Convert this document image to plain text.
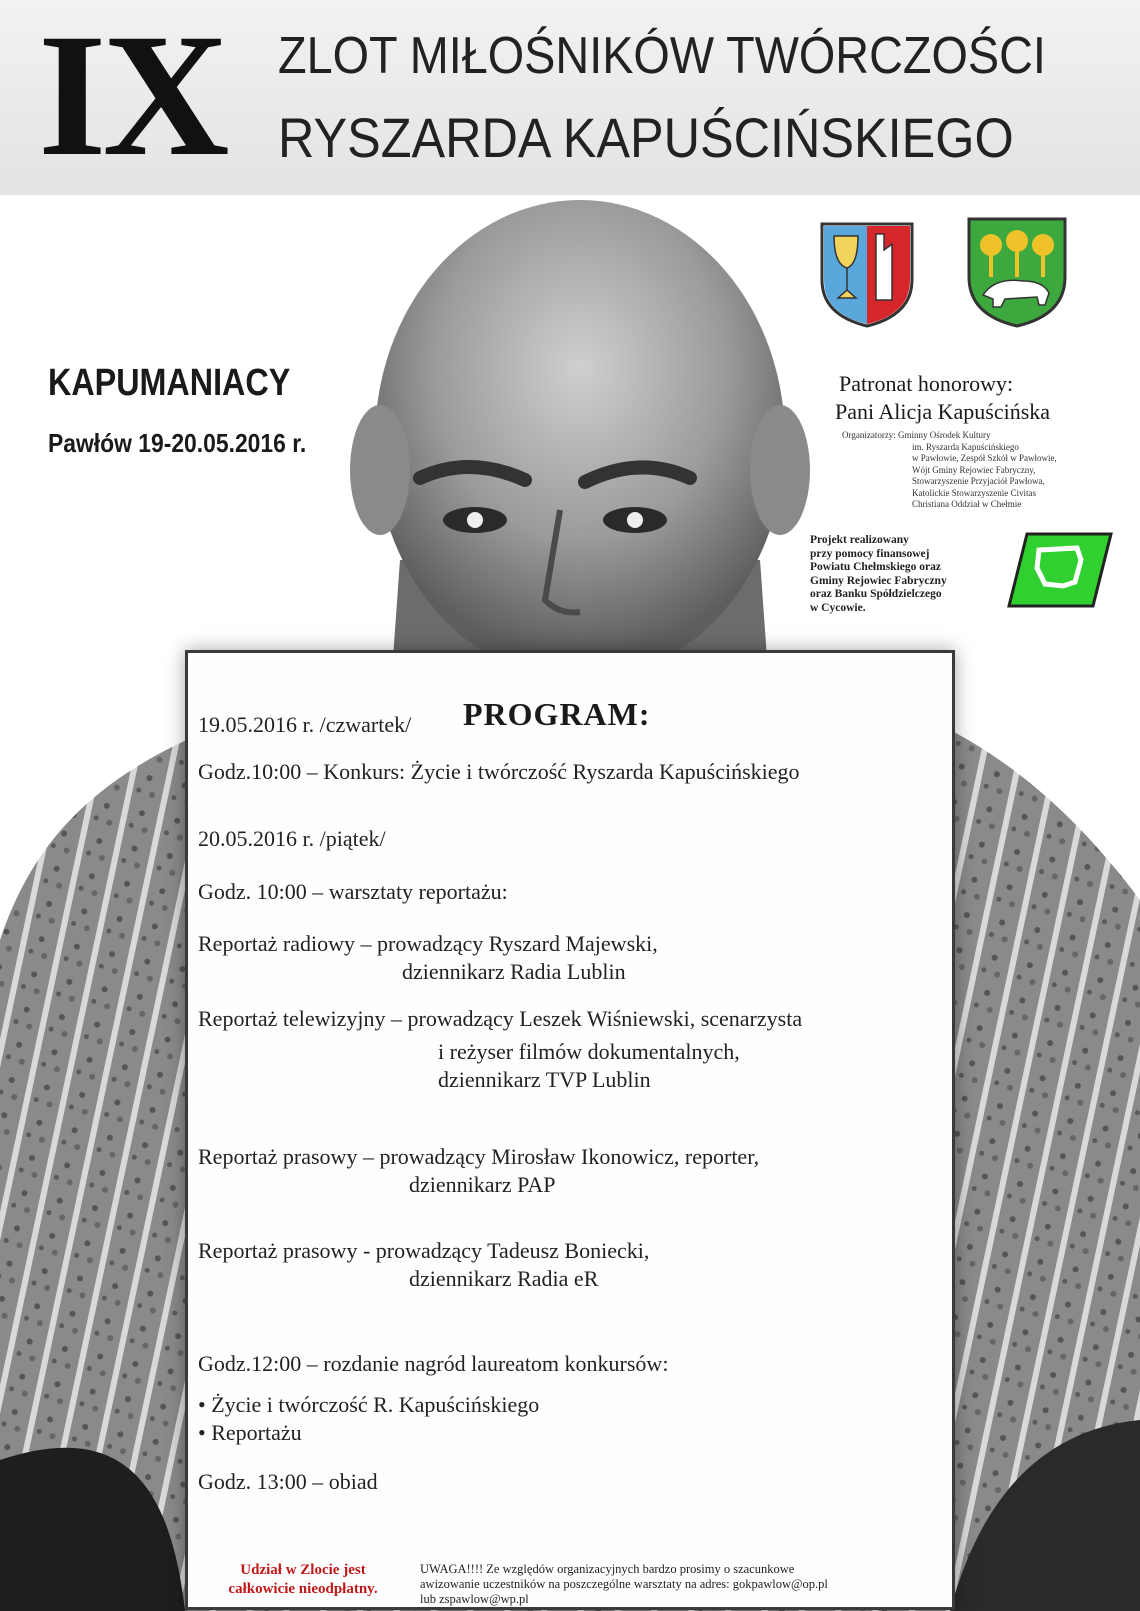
IX ZLOT MIŁOŚNIKÓW TWÓRCZOŚCI
RYSZARDA KAPUŚCIŃSKIEGO
KAPUMANIACY
Pawłów 19-20.05.2016 r.
Patronat honorowy:
Pani Alicja Kapuścińska
Organizatorzy: Gminny Ośrodek Kultury
im. Ryszarda Kapuścińskiego
w Pawłowie, Zespół Szkół w Pawłowie,
Wójt Gminy Rejowiec Fabryczny,
Stowarzyszenie Przyjaciół Pawłowa,
Katolickie Stowarzyszenie Civitas
Christiana Oddział w Chełmie
Projekt realizowany
przy pomocy finansowej
Powiatu Chełmskiego oraz
Gminy Rejowiec Fabryczny
oraz Banku Spółdzielczego
w Cycowie.
PROGRAM:
19.05.2016 r. /czwartek/
Godz.10:00 – Konkurs: Życie i twórczość Ryszarda Kapuścińskiego
20.05.2016 r. /piątek/
Godz. 10:00 – warsztaty reportażu:
Reportaż radiowy – prowadzący Ryszard Majewski,
dziennikarz Radia Lublin
Reportaż telewizyjny – prowadzący Leszek Wiśniewski, scenarzysta
i reżyser filmów dokumentalnych,
dziennikarz TVP Lublin
Reportaż prasowy – prowadzący Mirosław Ikonowicz, reporter,
dziennikarz PAP
Reportaż prasowy - prowadzący Tadeusz Boniecki,
dziennikarz Radia eR
Godz.12:00 – rozdanie nagród laureatom konkursów:
• Życie i twórczość R. Kapuścińskiego
• Reportażu
Godz. 13:00 – obiad
Udział w Zlocie jest
całkowicie nieodpłatny.
UWAGA!!!! Ze względów organizacyjnych bardzo prosimy o szacunkowe
awizowanie uczestników na poszczególne warsztaty na adres: gokpawlow@op.pl
lub zspawlow@wp.pl
